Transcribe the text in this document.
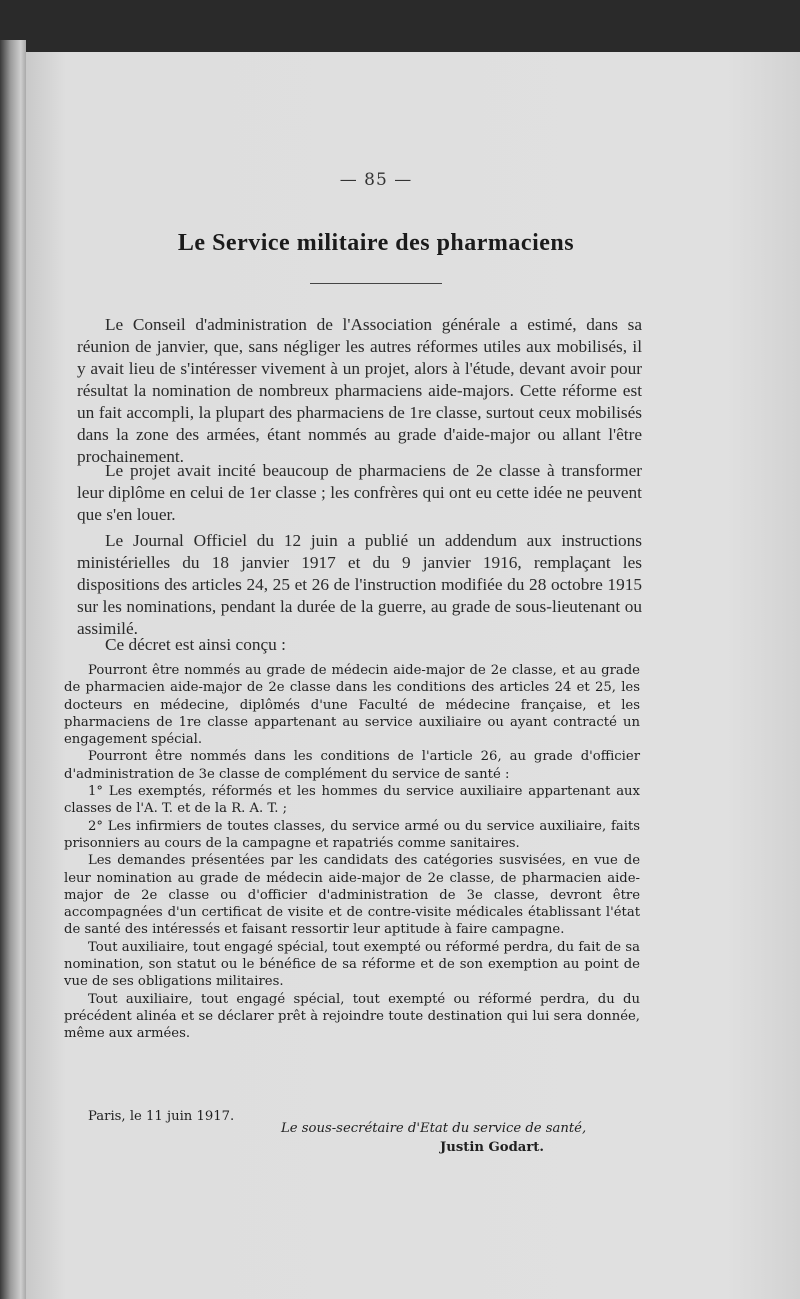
— 85 —
Le Service militaire des pharmaciens

Le Conseil d'administration de l'Association générale a estimé, dans sa réunion de janvier, que, sans négliger les autres réformes utiles aux mobilisés, il y avait lieu de s'intéresser vivement à un projet, alors à l'étude, devant avoir pour résultat la nomination de nombreux pharmaciens aide-majors. Cette réforme est un fait accompli, la plupart des pharmaciens de 1re classe, surtout ceux mobilisés dans la zone des armées, étant nommés au grade d'aide-major ou allant l'être prochainement.

Le projet avait incité beaucoup de pharmaciens de 2e classe à transformer leur diplôme en celui de 1er classe ; les confrères qui ont eu cette idée ne peuvent que s'en louer.

Le Journal Officiel du 12 juin a publié un addendum aux instructions ministérielles du 18 janvier 1917 et du 9 janvier 1916, remplaçant les dispositions des articles 24, 25 et 26 de l'instruction modifiée du 28 octobre 1915 sur les nominations, pendant la durée de la guerre, au grade de sous-lieutenant ou assimilé.

Ce décret est ainsi conçu :

Pourront être nommés au grade de médecin aide-major de 2e classe, et au grade de pharmacien aide-major de 2e classe dans les conditions des articles 24 et 25, les docteurs en médecine, diplômés d'une Faculté de médecine française, et les pharmaciens de 1re classe appartenant au service auxiliaire ou ayant contracté un engagement spécial.

Pourront être nommés dans les conditions de l'article 26, au grade d'officier d'administration de 3e classe de complément du service de santé :

1° Les exemptés, réformés et les hommes du service auxiliaire appartenant aux classes de l'A. T. et de la R. A. T. ;

2° Les infirmiers de toutes classes, du service armé ou du service auxiliaire, faits prisonniers au cours de la campagne et rapatriés comme sanitaires.

Les demandes présentées par les candidats des catégories susvisées, en vue de leur nomination au grade de médecin aide-major de 2e classe, de pharmacien aide-major de 2e classe ou d'officier d'administration de 3e classe, devront être accompagnées d'un certificat de visite et de contre-visite médicales établissant l'état de santé des intéressés et faisant ressortir leur aptitude à faire campagne.

Tout auxiliaire, tout engagé spécial, tout exempté ou réformé perdra, du fait de sa nomination, son statut ou le bénéfice de sa réforme et de son exemption au point de vue de ses obligations militaires.

Tout auxiliaire, tout engagé spécial, tout exempté ou réformé perdra, du du précédent alinéa et se déclarer prêt à rejoindre toute destination qui lui sera donnée, même aux armées.

Paris, le 11 juin 1917.
Le sous-secrétaire d'Etat du service de santé,
Justin Godart.
